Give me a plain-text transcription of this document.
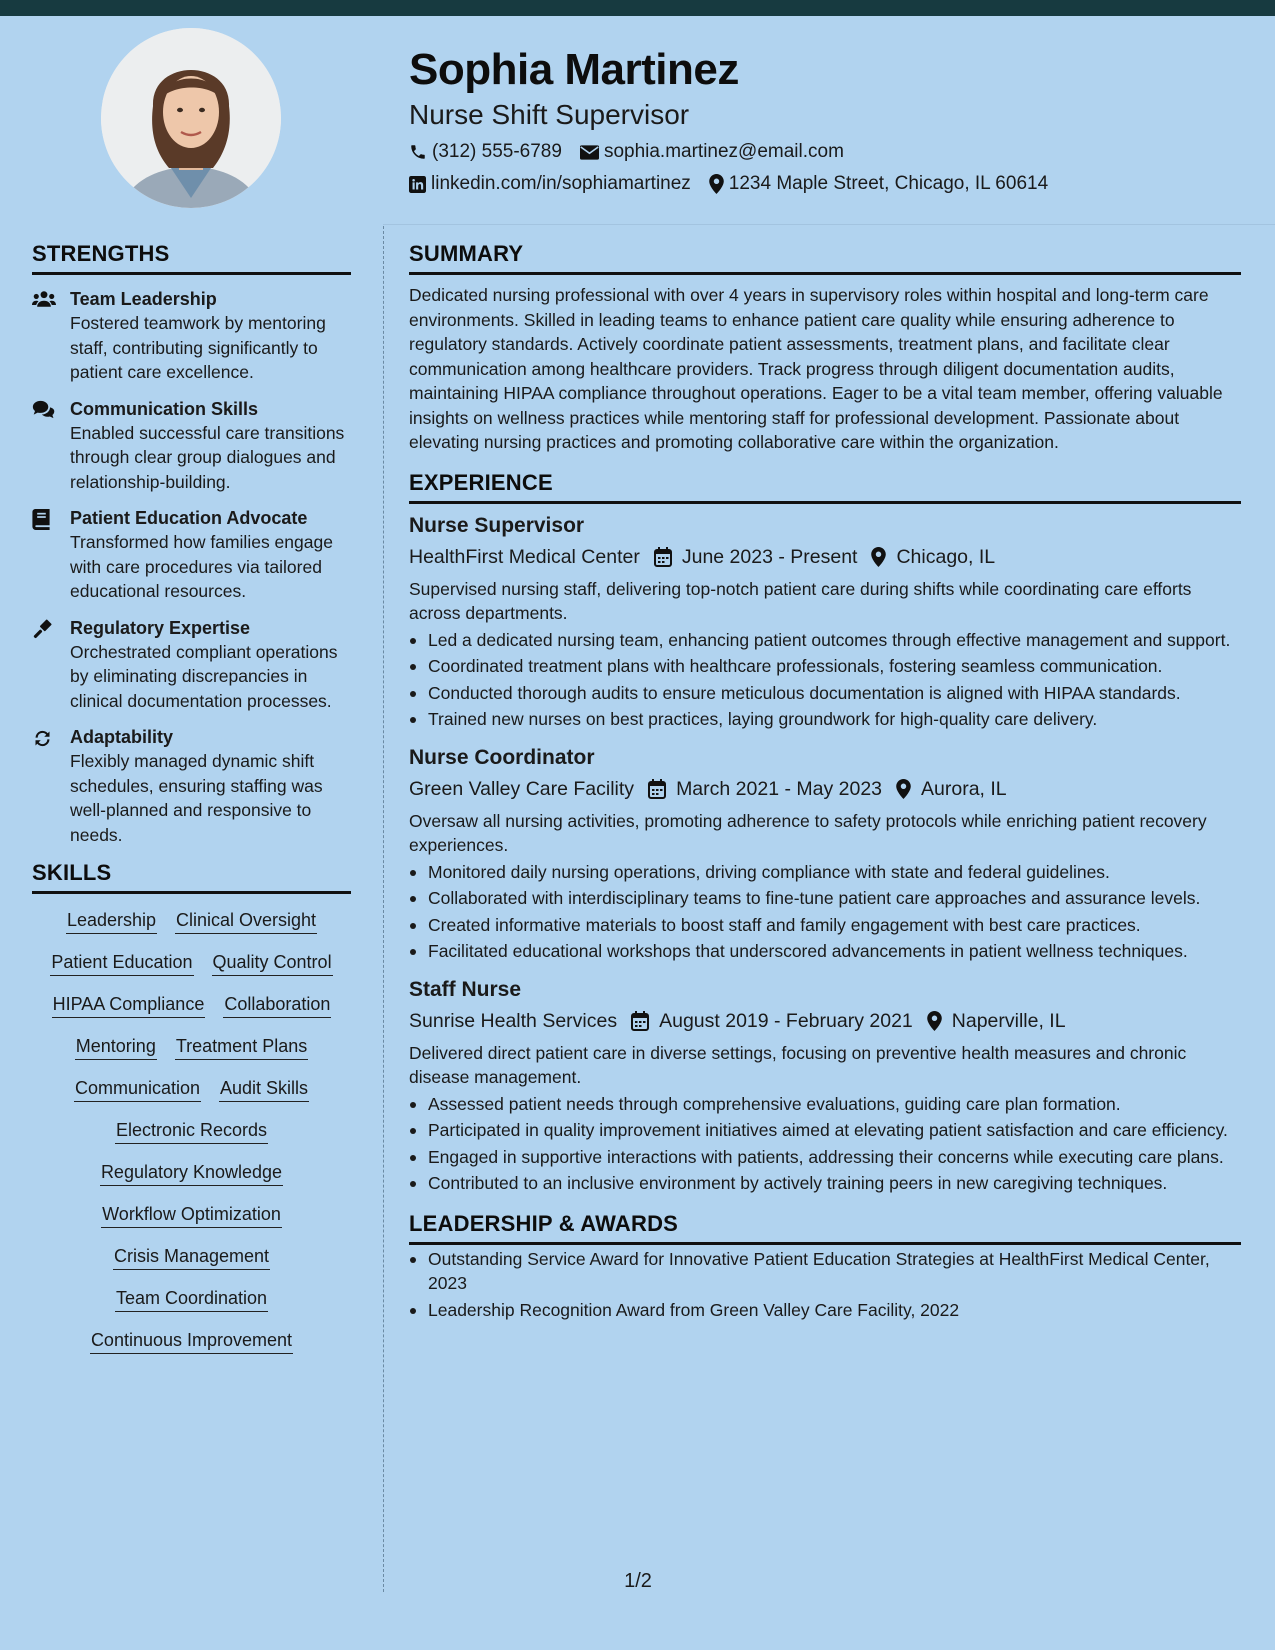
Sophia Martinez
Nurse Shift Supervisor
(312) 555-6789 sophia.martinez@email.com
linkedin.com/in/sophiamartinez 1234 Maple Street, Chicago, IL 60614
STRENGTHS
Team Leadership
Fostered teamwork by mentoring staff, contributing significantly to patient care excellence.
Communication Skills
Enabled successful care transitions through clear group dialogues and relationship-building.
Patient Education Advocate
Transformed how families engage with care procedures via tailored educational resources.
Regulatory Expertise
Orchestrated compliant operations by eliminating discrepancies in clinical documentation processes.
Adaptability
Flexibly managed dynamic shift schedules, ensuring staffing was well-planned and responsive to needs.
SKILLS
Leadership Clinical Oversight
Patient Education Quality Control
HIPAA Compliance Collaboration
Mentoring Treatment Plans
Communication Audit Skills
Electronic Records
Regulatory Knowledge
Workflow Optimization
Crisis Management
Team Coordination
Continuous Improvement
SUMMARY
Dedicated nursing professional with over 4 years in supervisory roles within hospital and long-term care environments. Skilled in leading teams to enhance patient care quality while ensuring adherence to regulatory standards. Actively coordinate patient assessments, treatment plans, and facilitate clear communication among healthcare providers. Track progress through diligent documentation audits, maintaining HIPAA compliance throughout operations. Eager to be a vital team member, offering valuable insights on wellness practices while mentoring staff for professional development. Passionate about elevating nursing practices and promoting collaborative care within the organization.
EXPERIENCE
Nurse Supervisor
HealthFirst Medical Center June 2023 - Present Chicago, IL
Supervised nursing staff, delivering top-notch patient care during shifts while coordinating care efforts across departments.
Led a dedicated nursing team, enhancing patient outcomes through effective management and support.
Coordinated treatment plans with healthcare professionals, fostering seamless communication.
Conducted thorough audits to ensure meticulous documentation is aligned with HIPAA standards.
Trained new nurses on best practices, laying groundwork for high-quality care delivery.
Nurse Coordinator
Green Valley Care Facility March 2021 - May 2023 Aurora, IL
Oversaw all nursing activities, promoting adherence to safety protocols while enriching patient recovery experiences.
Monitored daily nursing operations, driving compliance with state and federal guidelines.
Collaborated with interdisciplinary teams to fine-tune patient care approaches and assurance levels.
Created informative materials to boost staff and family engagement with best care practices.
Facilitated educational workshops that underscored advancements in patient wellness techniques.
Staff Nurse
Sunrise Health Services August 2019 - February 2021 Naperville, IL
Delivered direct patient care in diverse settings, focusing on preventive health measures and chronic disease management.
Assessed patient needs through comprehensive evaluations, guiding care plan formation.
Participated in quality improvement initiatives aimed at elevating patient satisfaction and care efficiency.
Engaged in supportive interactions with patients, addressing their concerns while executing care plans.
Contributed to an inclusive environment by actively training peers in new caregiving techniques.
LEADERSHIP & AWARDS
Outstanding Service Award for Innovative Patient Education Strategies at HealthFirst Medical Center, 2023
Leadership Recognition Award from Green Valley Care Facility, 2022
1/2
